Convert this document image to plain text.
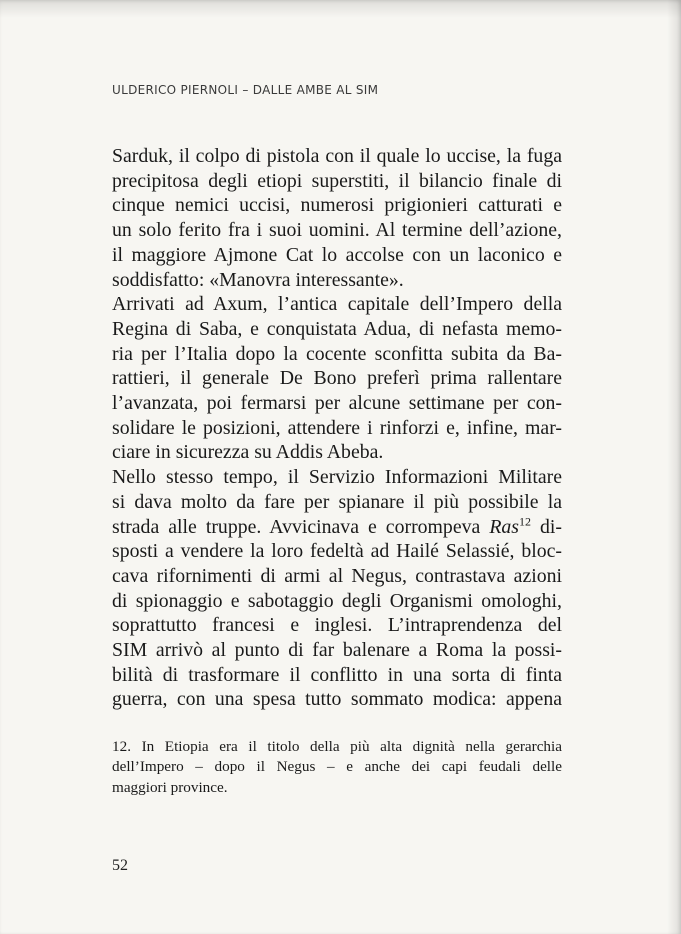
ULDERICO PIERNOLI – DALLE AMBE AL SIM
Sarduk, il colpo di pistola con il quale lo uccise, la fuga
precipitosa degli etiopi superstiti, il bilancio finale di
cinque nemici uccisi, numerosi prigionieri catturati e
un solo ferito fra i suoi uomini. Al termine dell’azione,
il maggiore Ajmone Cat lo accolse con un laconico e
soddisfatto: «Manovra interessante».
Arrivati ad Axum, l’antica capitale dell’Impero della
Regina di Saba, e conquistata Adua, di nefasta memo-
ria per l’Italia dopo la cocente sconfitta subita da Ba-
rattieri, il generale De Bono preferì prima rallentare
l’avanzata, poi fermarsi per alcune settimane per con-
solidare le posizioni, attendere i rinforzi e, infine, mar-
ciare in sicurezza su Addis Abeba.
Nello stesso tempo, il Servizio Informazioni Militare
si dava molto da fare per spianare il più possibile la
strada alle truppe. Avvicinava e corrompeva Ras$^{12}$ di-
sposti a vendere la loro fedeltà ad Hailé Selassié, bloc-
cava rifornimenti di armi al Negus, contrastava azioni
di spionaggio e sabotaggio degli Organismi omologhi,
soprattutto francesi e inglesi. L’intraprendenza del
SIM arrivò al punto di far balenare a Roma la possi-
bilità di trasformare il conflitto in una sorta di finta
guerra, con una spesa tutto sommato modica: appena
12. In Etiopia era il titolo della più alta dignità nella gerarchia
dell’Impero – dopo il Negus – e anche dei capi feudali delle
maggiori province.
52
